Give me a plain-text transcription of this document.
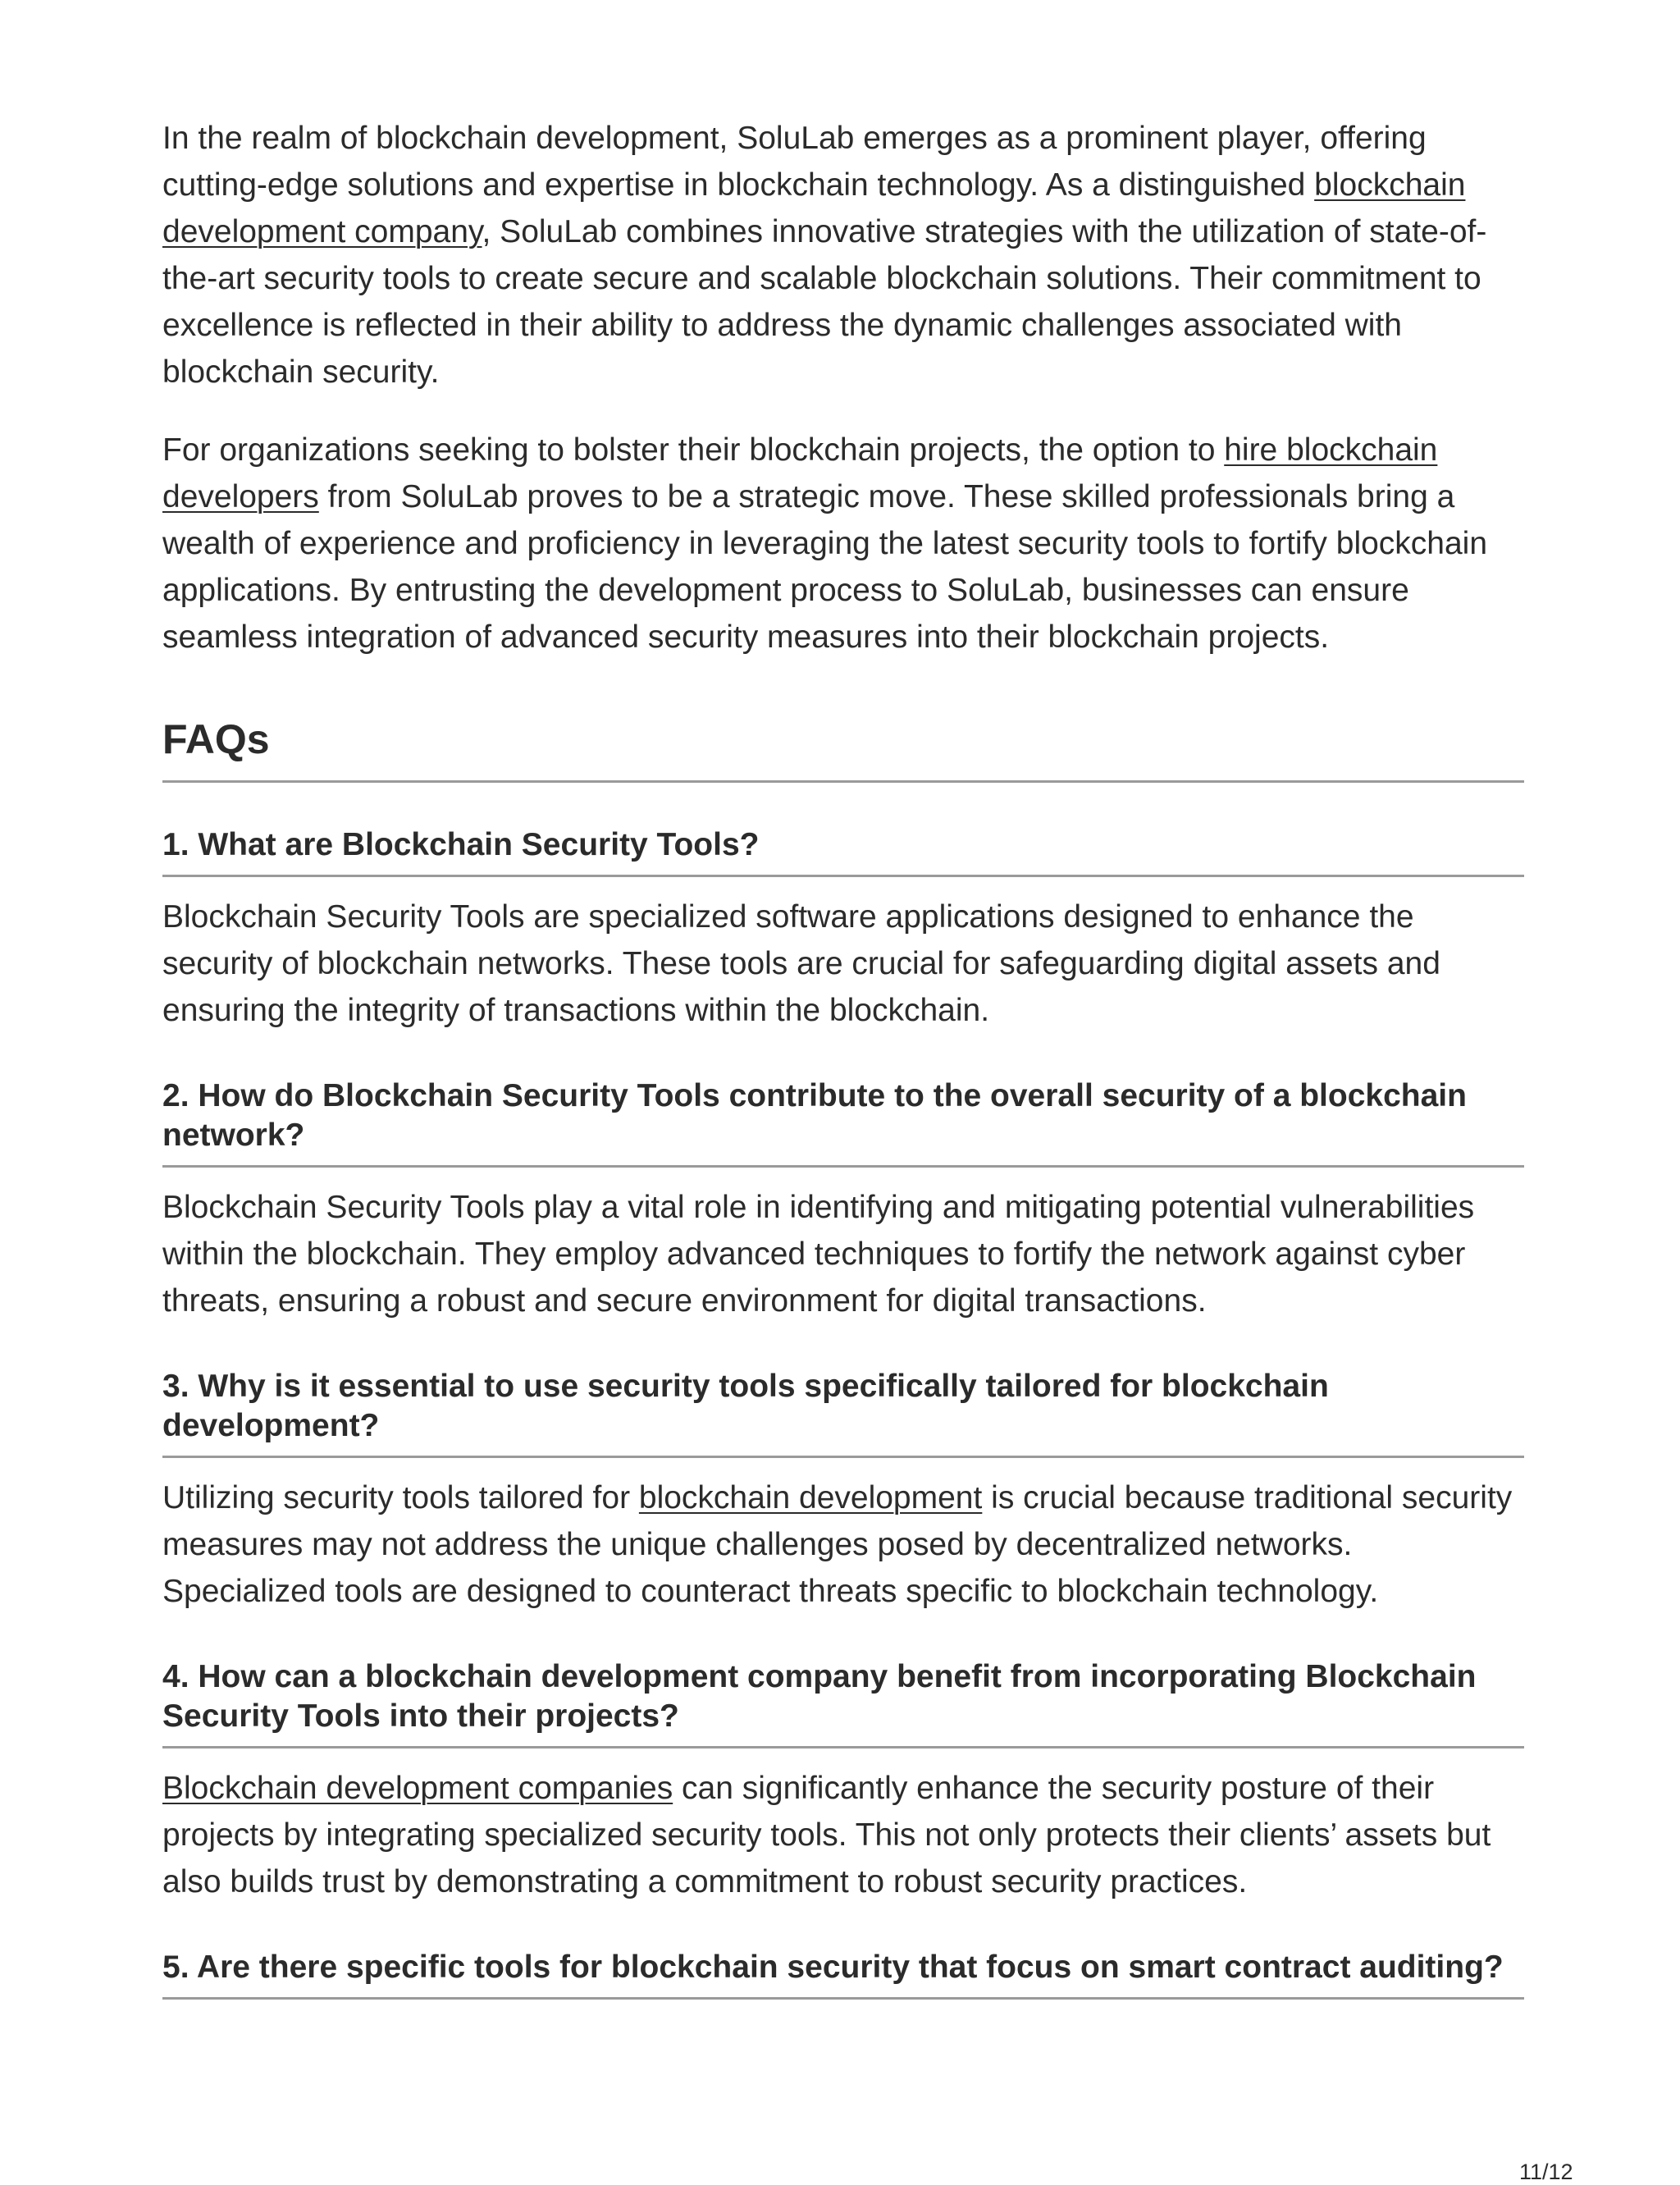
In the realm of blockchain development, SoluLab emerges as a prominent player, offering cutting-edge solutions and expertise in blockchain technology. As a distinguished blockchain development company, SoluLab combines innovative strategies with the utilization of state-of-the-art security tools to create secure and scalable blockchain solutions. Their commitment to excellence is reflected in their ability to address the dynamic challenges associated with blockchain security.

For organizations seeking to bolster their blockchain projects, the option to hire blockchain developers from SoluLab proves to be a strategic move. These skilled professionals bring a wealth of experience and proficiency in leveraging the latest security tools to fortify blockchain applications. By entrusting the development process to SoluLab, businesses can ensure seamless integration of advanced security measures into their blockchain projects.

FAQs
1. What are Blockchain Security Tools?

Blockchain Security Tools are specialized software applications designed to enhance the security of blockchain networks. These tools are crucial for safeguarding digital assets and ensuring the integrity of transactions within the blockchain.

2. How do Blockchain Security Tools contribute to the overall security of a blockchain network?

Blockchain Security Tools play a vital role in identifying and mitigating potential vulnerabilities within the blockchain. They employ advanced techniques to fortify the network against cyber threats, ensuring a robust and secure environment for digital transactions.

3. Why is it essential to use security tools specifically tailored for blockchain development?

Utilizing security tools tailored for blockchain development is crucial because traditional security measures may not address the unique challenges posed by decentralized networks. Specialized tools are designed to counteract threats specific to blockchain technology.

4. How can a blockchain development company benefit from incorporating Blockchain Security Tools into their projects?

Blockchain development companies can significantly enhance the security posture of their projects by integrating specialized security tools. This not only protects their clients’ assets but also builds trust by demonstrating a commitment to robust security practices.

5. Are there specific tools for blockchain security that focus on smart contract auditing?
11/12
